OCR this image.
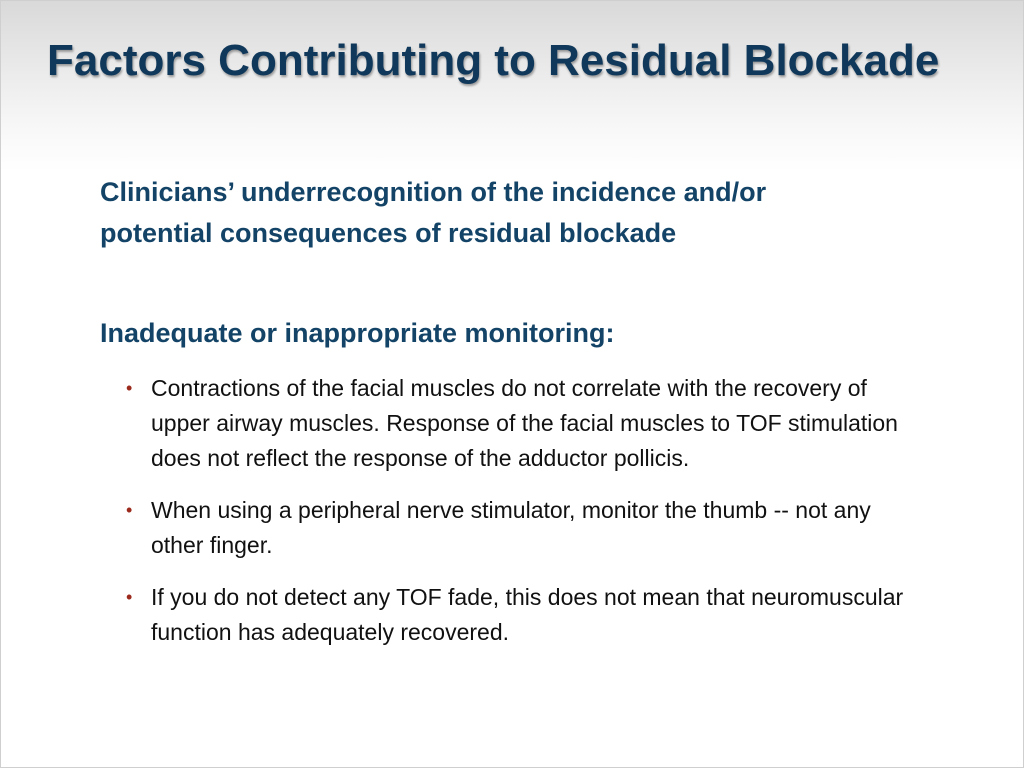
Factors Contributing to Residual Blockade

Clinicians’ underrecognition of the incidence and/or potential consequences of residual blockade

Inadequate or inappropriate monitoring:

• Contractions of the facial muscles do not correlate with the recovery of upper airway muscles. Response of the facial muscles to TOF stimulation does not reflect the response of the adductor pollicis.
• When using a peripheral nerve stimulator, monitor the thumb -- not any other finger.
• If you do not detect any TOF fade, this does not mean that neuromuscular function has adequately recovered.
